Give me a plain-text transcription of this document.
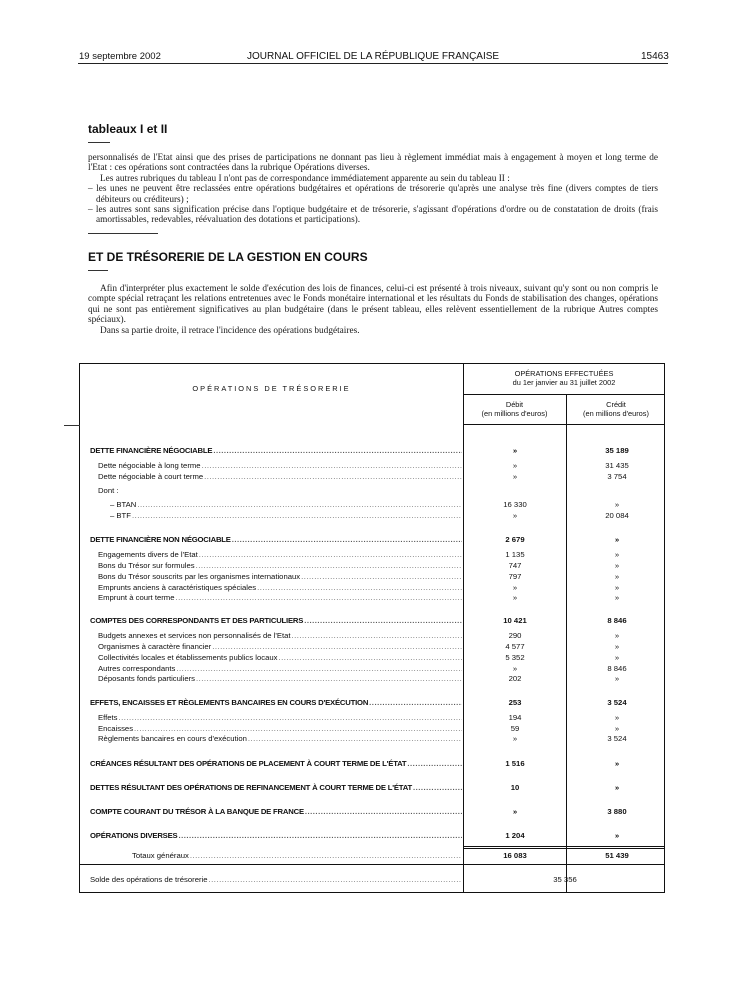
19 septembre 2002	JOURNAL OFFICIEL DE LA RÉPUBLIQUE FRANÇAISE	15463
tableaux I et II

personnalisés de l'Etat ainsi que des prises de participations ne donnant pas lieu à règlement immédiat mais à engagement à moyen et long terme de l'Etat : ces opérations sont contractées dans la rubrique Opérations diverses.

Les autres rubriques du tableau I n'ont pas de correspondance immédiatement apparente au sein du tableau II :

– les unes ne peuvent être reclassées entre opérations budgétaires et opérations de trésorerie qu'après une analyse très fine (divers comptes de tiers débiteurs ou créditeurs) ;

– les autres sont sans signification précise dans l'optique budgétaire et de trésorerie, s'agissant d'opérations d'ordre ou de constatation de droits (frais amortissables, redevables, réévaluation des dotations et participations).

ET DE TRÉSORERIE DE LA GESTION EN COURS

Afin d'interpréter plus exactement le solde d'exécution des lois de finances, celui-ci est présenté à trois niveaux, suivant qu'y sont ou non compris le compte spécial retraçant les relations entretenues avec le Fonds monétaire international et les résultats du Fonds de stabilisation des changes, opérations qui ne sont pas entièrement significatives au plan budgétaire (dans le présent tableau, elles relèvent essentiellement de la rubrique Autres comptes spéciaux).

Dans sa partie droite, il retrace l'incidence des opérations budgétaires.

OPÉRATIONS DE TRÉSORERIE
OPÉRATIONS EFFECTUÉES
du 1er janvier au 31 juillet 2002
Débit
(en millions d'euros)
Crédit
(en millions d'euros)
DETTE FINANCIÈRE NÉGOCIABLE .....	»	35 189
Dette négociable à long terme .....	»	31 435
Dette négociable à court terme .....	»	3 754
Dont :
– BTAN .....	16 330	»
– BTF .....	»	20 084
DETTE FINANCIÈRE NON NÉGOCIABLE .....	2 679	»
Engagements divers de l'Etat .....	1 135	»
Bons du Trésor sur formules .....	747	»
Bons du Trésor souscrits par les organismes internationaux .....	797	»
Emprunts anciens à caractéristiques spéciales .....	»	»
Emprunt à court terme .....	»	»
COMPTES DES CORRESPONDANTS ET DES PARTICULIERS .....	10 421	8 846
Budgets annexes et services non personnalisés de l'Etat .....	290	»
Organismes à caractère financier .....	4 577	»
Collectivités locales et établissements publics locaux .....	5 352	»
Autres correspondants .....	»	8 846
Déposants fonds particuliers .....	202	»
EFFETS, ENCAISSES ET RÈGLEMENTS BANCAIRES EN COURS D'EXÉCUTION .....	253	3 524
Effets .....	194	»
Encaisses .....	59	»
Règlements bancaires en cours d'exécution .....	»	3 524
CRÉANCES RÉSULTANT DES OPÉRATIONS DE PLACEMENT À COURT TERME DE L'ÉTAT .....	1 516	»
DETTES RÉSULTANT DES OPÉRATIONS DE REFINANCEMENT À COURT TERME DE L'ÉTAT .....	10	»
COMPTE COURANT DU TRÉSOR À LA BANQUE DE FRANCE .....	»	3 880
OPÉRATIONS DIVERSES .....	1 204	»
Totaux généraux .....	16 083	51 439
Solde des opérations de trésorerie .....	35 356
